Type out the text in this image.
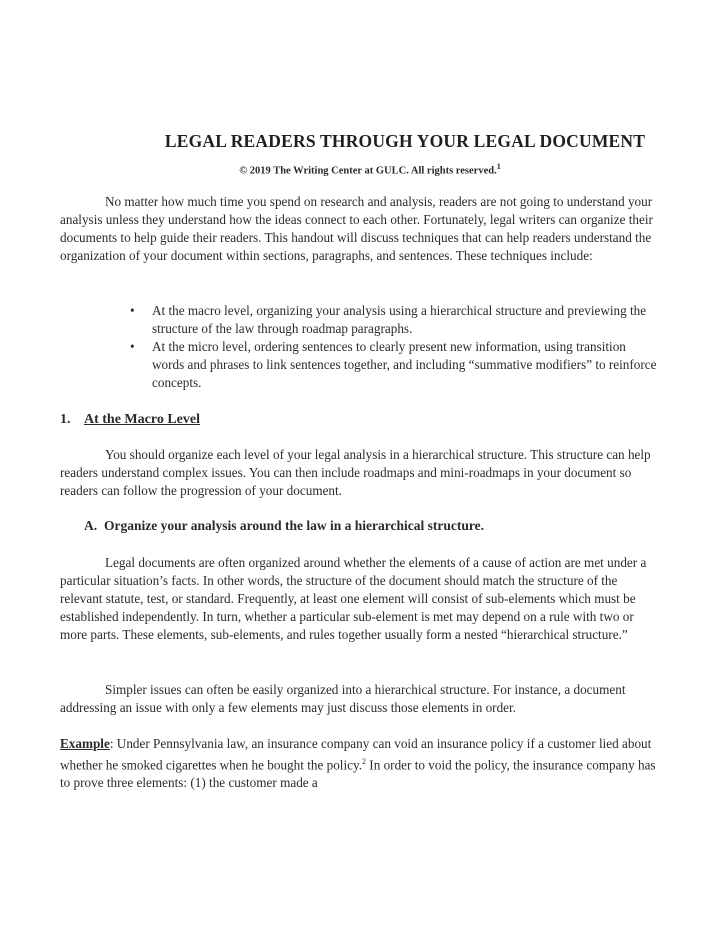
LEGAL READERS THROUGH YOUR LEGAL DOCUMENT
© 2019 The Writing Center at GULC. All rights reserved.$^1$

No matter how much time you spend on research and analysis, readers are not going to understand your analysis unless they understand how the ideas connect to each other. Fortunately, legal writers can organize their documents to help guide their readers. This handout will discuss techniques that can help readers understand the organization of your document within sections, paragraphs, and sentences. These techniques include:

• At the macro level, organizing your analysis using a hierarchical structure and previewing the structure of the law through roadmap paragraphs.
• At the micro level, ordering sentences to clearly present new information, using transition words and phrases to link sentences together, and including “summative modifiers” to reinforce concepts.
1. At the Macro Level

You should organize each level of your legal analysis in a hierarchical structure. This structure can help readers understand complex issues. You can then include roadmaps and mini-roadmaps in your document so readers can follow the progression of your document.

A. Organize your analysis around the law in a hierarchical structure.

Legal documents are often organized around whether the elements of a cause of action are met under a particular situation’s facts. In other words, the structure of the document should match the structure of the relevant statute, test, or standard. Frequently, at least one element will consist of sub-elements which must be established independently. In turn, whether a particular sub-element is met may depend on a rule with two or more parts. These elements, sub-elements, and rules together usually form a nested “hierarchical structure.”

Simpler issues can often be easily organized into a hierarchical structure. For instance, a document addressing an issue with only a few elements may just discuss those elements in order.

Example: Under Pennsylvania law, an insurance company can void an insurance policy if a customer lied about whether he smoked cigarettes when he bought the policy.$^2$ In order to void the policy, the insurance company has to prove three elements: (1) the customer made a
